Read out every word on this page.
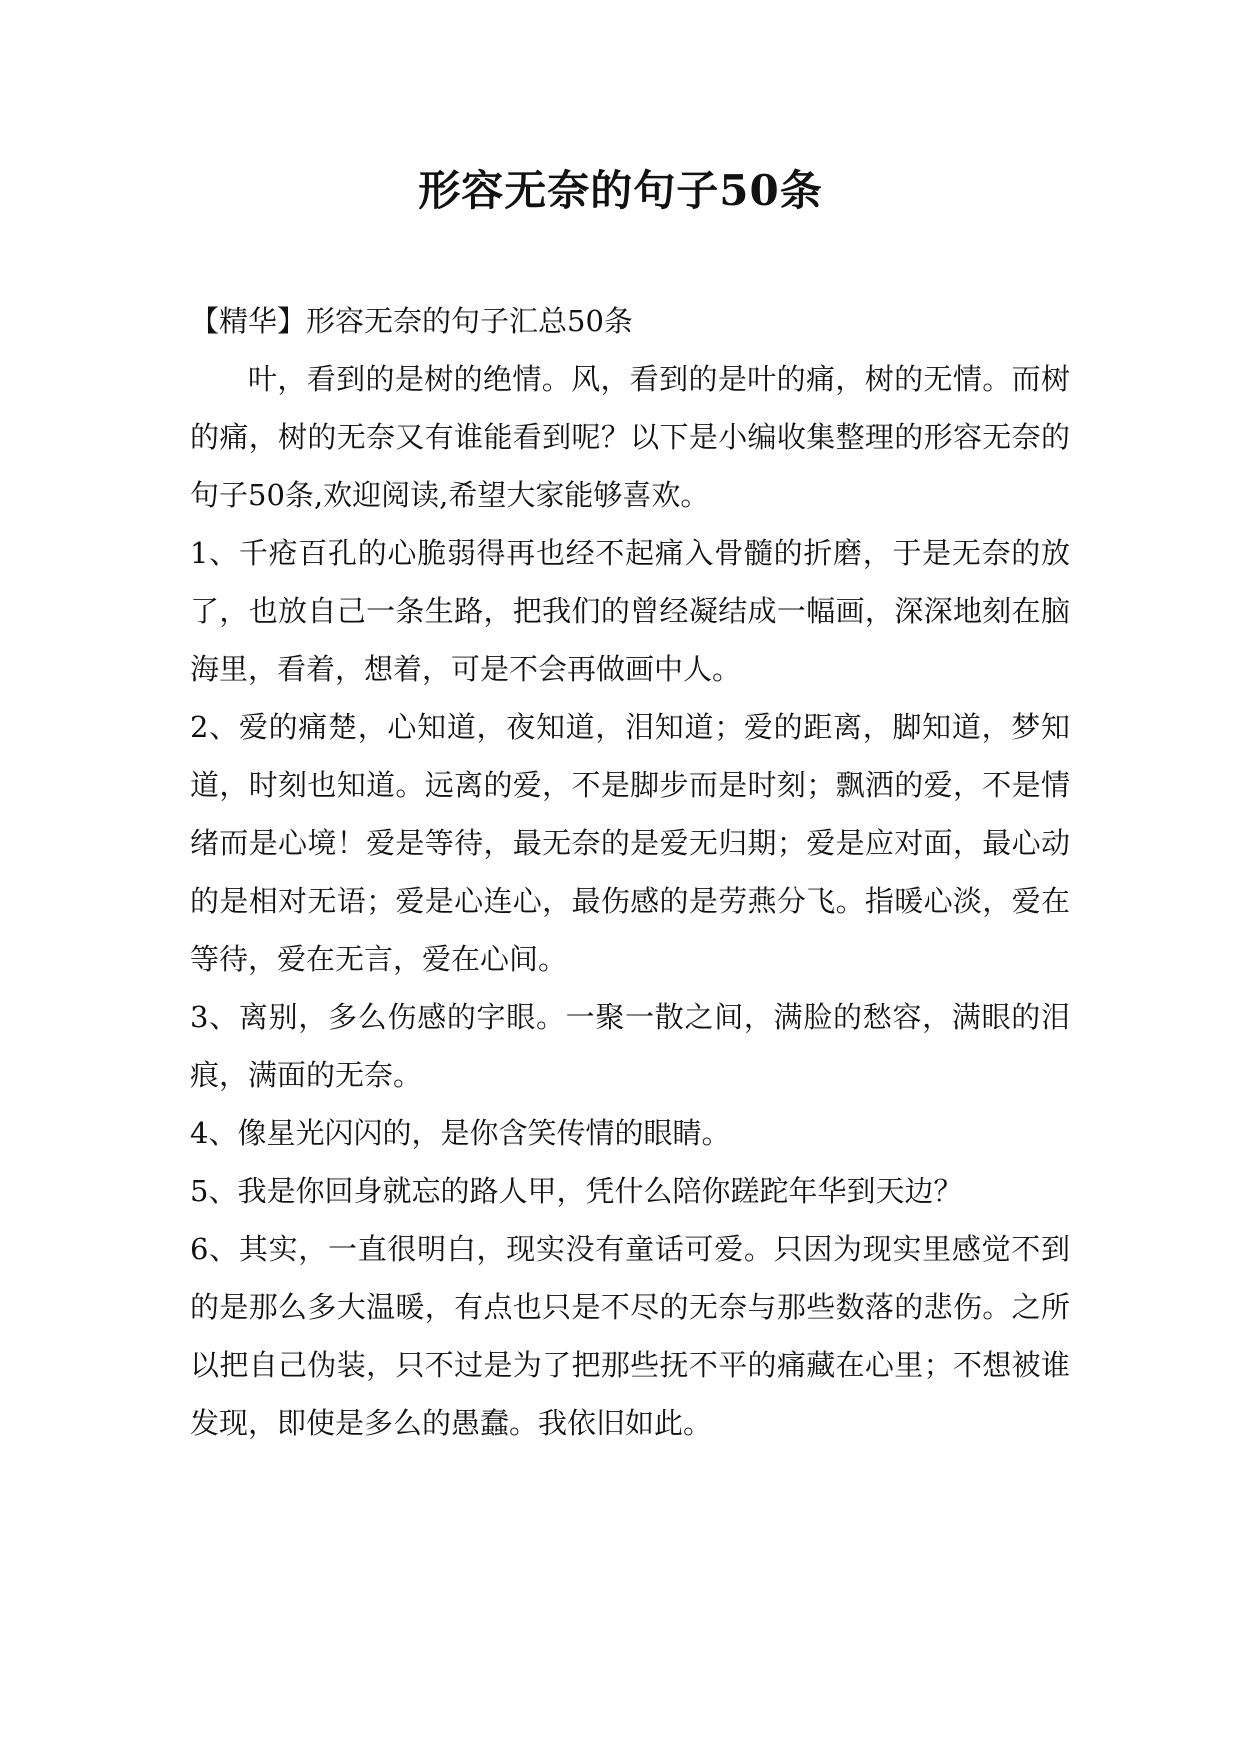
形容无奈的句子50条

【精华】形容无奈的句子汇总50条

叶，看到的是树的绝情。风，看到的是叶的痛，树的无情。而树的痛，树的无奈又有谁能看到呢？以下是小编收集整理的形容无奈的句子50条,欢迎阅读,希望大家能够喜欢。

1、千疮百孔的心脆弱得再也经不起痛入骨髓的折磨，于是无奈的放了，也放自己一条生路，把我们的曾经凝结成一幅画，深深地刻在脑海里，看着，想着，可是不会再做画中人。

2、爱的痛楚，心知道，夜知道，泪知道；爱的距离，脚知道，梦知道，时刻也知道。远离的爱，不是脚步而是时刻；飘洒的爱，不是情绪而是心境！爱是等待，最无奈的是爱无归期；爱是应对面，最心动的是相对无语；爱是心连心，最伤感的是劳燕分飞。指暖心淡，爱在等待，爱在无言，爱在心间。

3、离别，多么伤感的字眼。一聚一散之间，满脸的愁容，满眼的泪痕，满面的无奈。

4、像星光闪闪的，是你含笑传情的眼睛。

5、我是你回身就忘的路人甲，凭什么陪你蹉跎年华到天边？

6、其实，一直很明白，现实没有童话可爱。只因为现实里感觉不到的是那么多大温暖，有点也只是不尽的无奈与那些数落的悲伤。之所以把自己伪装，只不过是为了把那些抚不平的痛藏在心里；不想被谁发现，即使是多么的愚蠢。我依旧如此。
